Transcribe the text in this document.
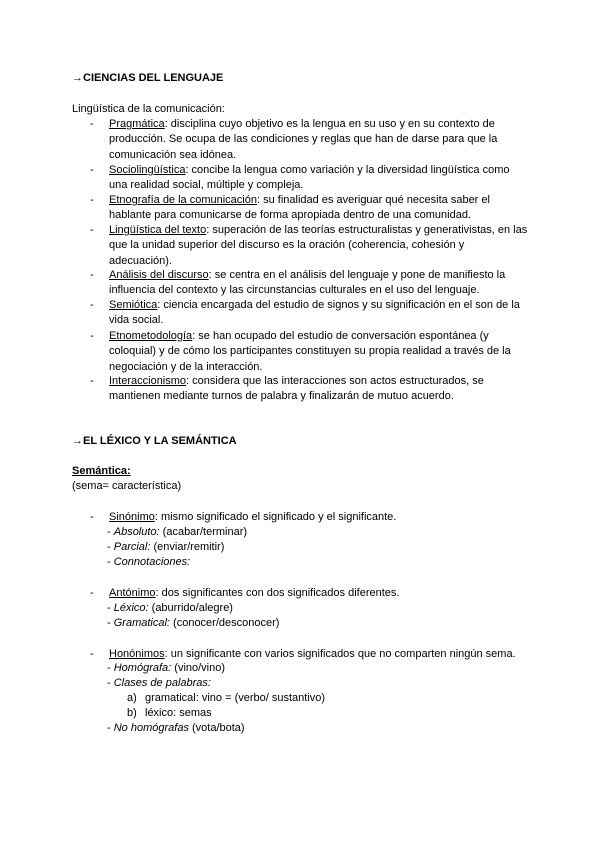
→CIENCIAS DEL LENGUAJE
Lingüística de la comunicación:
- Pragmática: disciplina cuyo objetivo es la lengua en su uso y en su contexto de producción. Se ocupa de las condiciones y reglas que han de darse para que la comunicación sea idónea.
- Sociolingüística: concibe la lengua como variación y la diversidad lingüística como una realidad social, múltiple y compleja.
- Etnografía de la comunicación: su finalidad es averiguar qué necesita saber el hablante para comunicarse de forma apropiada dentro de una comunidad.
- Lingüística del texto: superación de las teorías estructuralistas y generativistas, en las que la unidad superior del discurso es la oración (coherencia, cohesión y adecuación).
- Análisis del discurso: se centra en el análisis del lenguaje y pone de manifiesto la influencia del contexto y las circunstancias culturales en el uso del lenguaje.
- Semiótica: ciencia encargada del estudio de signos y su significación en el son de la vida social.
- Etnometodología: se han ocupado del estudio de conversación espontánea (y coloquial) y de cómo los participantes constituyen su propia realidad a través de la negociación y de la interacción.
- Interaccionismo: considera que las interacciones son actos estructurados, se mantienen mediante turnos de palabra y finalizarán de mutuo acuerdo.
→EL LÉXICO Y LA SEMÁNTICA
Semántica:
(sema= característica)
- Sinónimo: mismo significado el significado y el significante.
- Absoluto: (acabar/terminar)
- Parcial: (enviar/remitir)
- Connotaciones:
- Antónimo: dos significantes con dos significados diferentes.
- Léxico: (aburrido/alegre)
- Gramatical: (conocer/desconocer)
- Honónimos: un significante con varios significados que no comparten ningún sema.
- Homógrafa: (vino/vino)
- Clases de palabras:
a) gramatical: vino = (verbo/ sustantivo)
b) léxico: semas
- No homógrafas (vota/bota)
